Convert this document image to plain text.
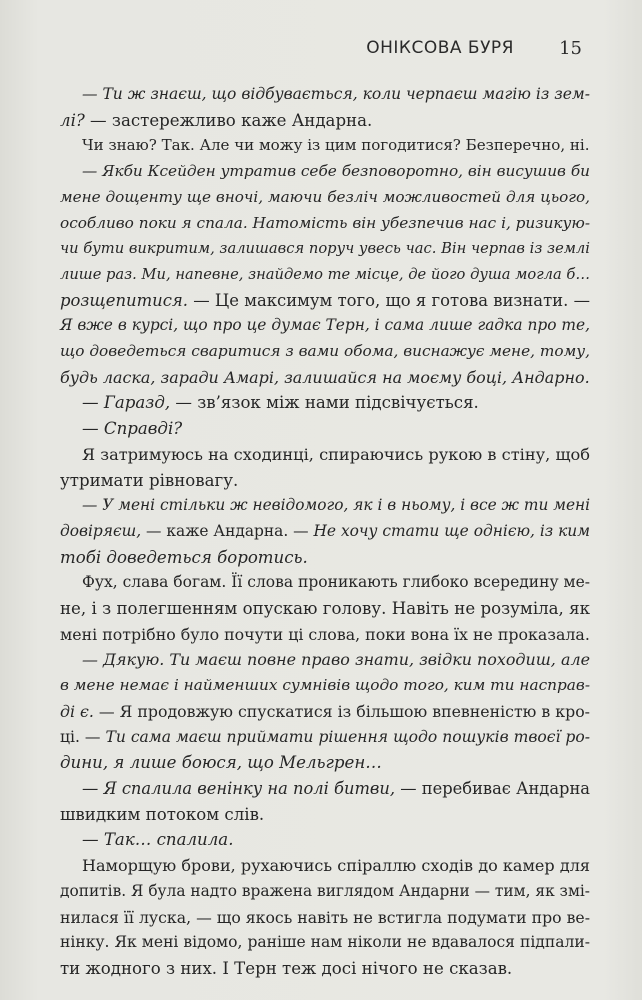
ОНІКСОВА БУРЯ	15
— Ти ж знаєш, що відбувається, коли черпаєш магію із зем-
лі? — застережливо каже Андарна.
Чи знаю? Так. Але чи можу із цим погодитися? Безперечно, ні.
— Якби Ксейден утратив себе безповоротно, він висушив би
мене дощенту ще вночі, маючи безліч можливостей для цього,
особливо поки я спала. Натомість він убезпечив нас і, ризикую-
чи бути викритим, залишався поруч увесь час. Він черпав із землі
лише раз. Ми, напевне, знайдемо те місце, де його душа могла б…
розщепитися. — Це максимум того, що я готова визнати. —
Я вже в курсі, що про це думає Терн, і сама лише гадка про те,
що доведеться сваритися з вами обома, виснажує мене, тому,
будь ласка, заради Амарі, залишайся на моєму боці, Андарно.
— Гаразд, — зв’язок між нами підсвічується.
— Справді?
Я затримуюсь на сходинці, спираючись рукою в стіну, щоб
утримати рівновагу.
— У мені стільки ж невідомого, як і в ньому, і все ж ти мені
довіряєш, — каже Андарна. — Не хочу стати ще однією, із ким
тобі доведеться боротись.
Фух, слава богам. Її слова проникають глибоко всередину ме-
не, і з полегшенням опускаю голову. Навіть не розуміла, як
мені потрібно було почути ці слова, поки вона їх не проказала.
— Дякую. Ти маєш повне право знати, звідки походиш, але
в мене немає і найменших сумнівів щодо того, ким ти насправ-
ді є. — Я продовжую спускатися із більшою впевненістю в кро-
ці. — Ти сама маєш приймати рішення щодо пошуків твоєї ро-
дини, я лише боюся, що Мельгрен…
— Я спалила венінку на полі битви, — перебиває Андарна
швидким потоком слів.
— Так… спалила.
Наморщую брови, рухаючись спіраллю сходів до камер для
допитів. Я була надто вражена виглядом Андарни — тим, як змі-
нилася її луска, — що якось навіть не встигла подумати про ве-
нінку. Як мені відомо, раніше нам ніколи не вдавалося підпали-
ти жодного з них. І Терн теж досі нічого не сказав.
